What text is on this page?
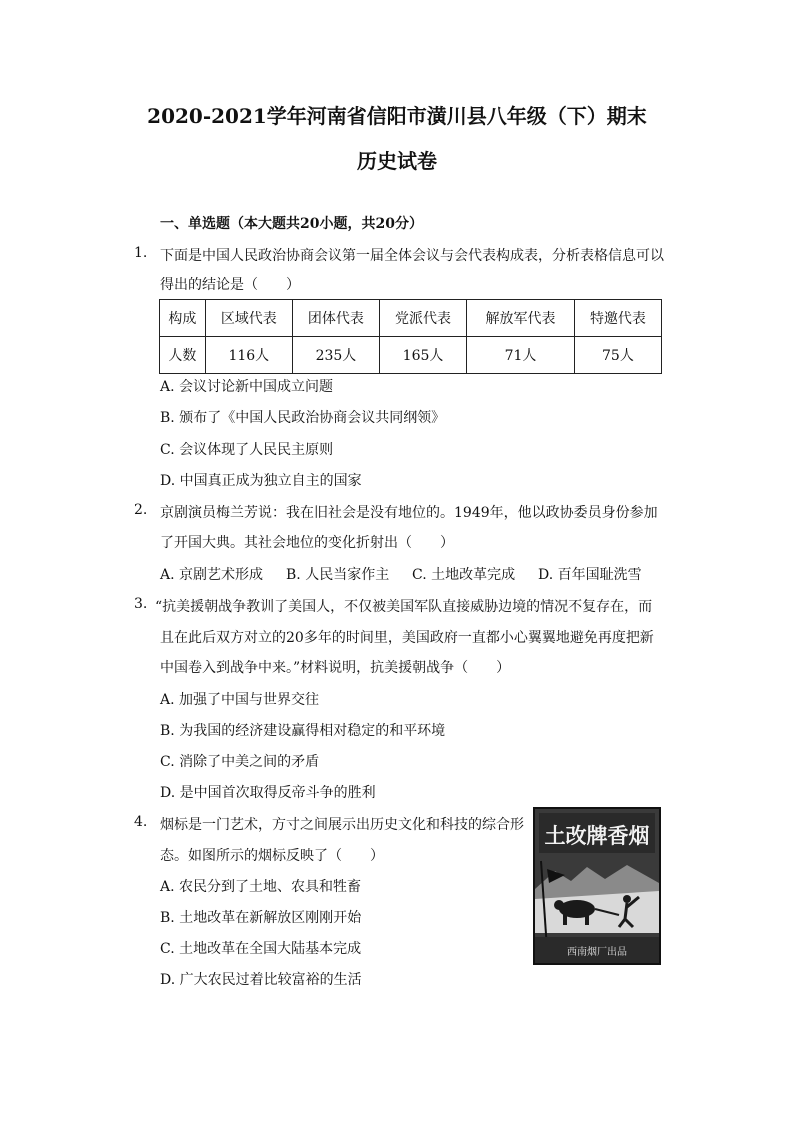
2020-2021学年河南省信阳市潢川县八年级（下）期末
历史试卷
一、单选题（本大题共20小题，共20分）
1. 下面是中国人民政治协商会议第一届全体会议与会代表构成表，分析表格信息可以
得出的结论是（　　）
构成	区域代表	团体代表	党派代表	解放军代表	特邀代表
人数	116人	235人	165人	71人	75人
A. 会议讨论新中国成立问题
B. 颁布了《中国人民政治协商会议共同纲领》
C. 会议体现了人民民主原则
D. 中国真正成为独立自主的国家
2. 京剧演员梅兰芳说：我在旧社会是没有地位的。1949年，他以政协委员身份参加
了开国大典。其社会地位的变化折射出（　　）
A. 京剧艺术形成 B. 人民当家作主 C. 土地改革完成 D. 百年国耻洗雪
3. “抗美援朝战争教训了美国人，不仅被美国军队直接威胁边境的情况不复存在，而
且在此后双方对立的20多年的时间里，美国政府一直都小心翼翼地避免再度把新
中国卷入到战争中来。”材料说明，抗美援朝战争（　　）
A. 加强了中国与世界交往
B. 为我国的经济建设赢得相对稳定的和平环境
C. 消除了中美之间的矛盾
D. 是中国首次取得反帝斗争的胜利
4. 烟标是一门艺术，方寸之间展示出历史文化和科技的综合形
态。如图所示的烟标反映了（　　）
A. 农民分到了土地、农具和牲畜
B. 土地改革在新解放区刚刚开始
C. 土地改革在全国大陆基本完成
D. 广大农民过着比较富裕的生活
土改牌香烟
西南烟厂出品
